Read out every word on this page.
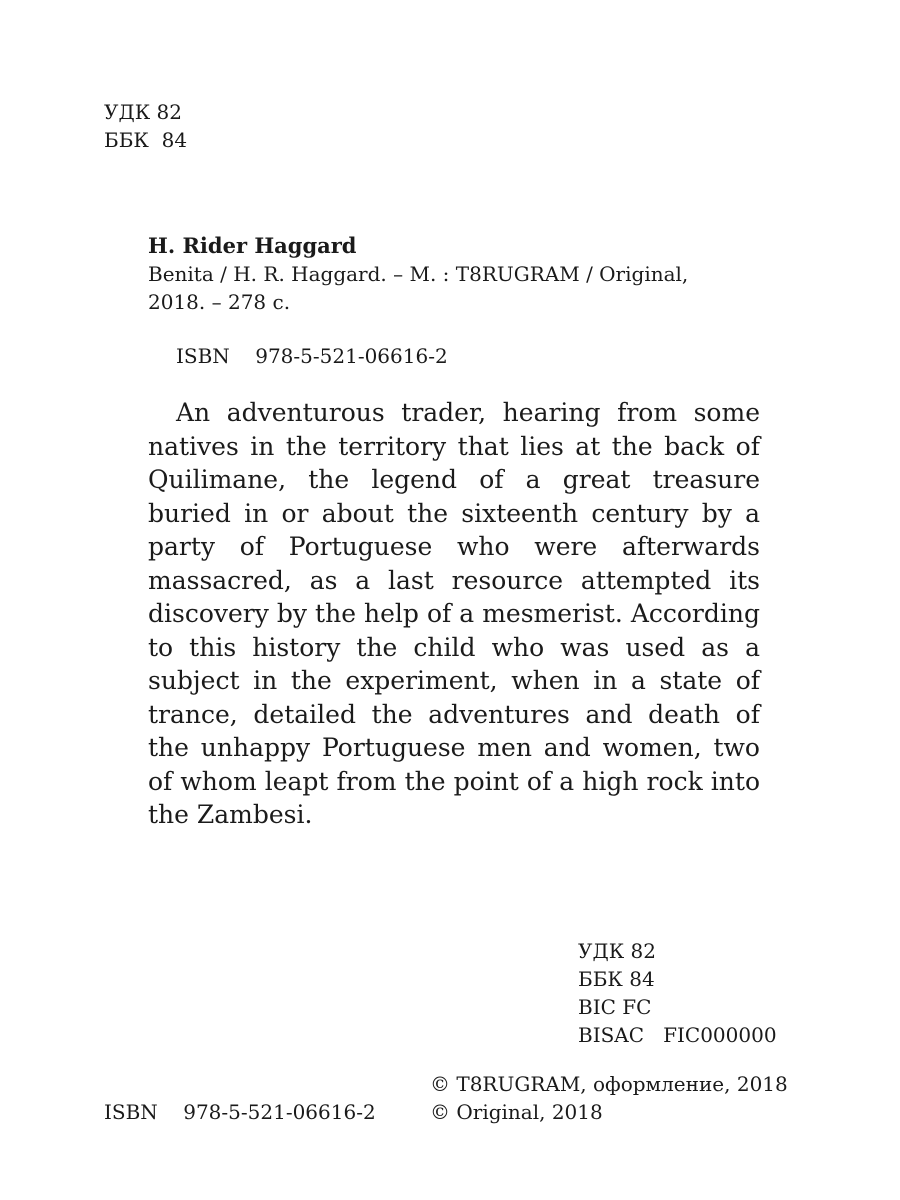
УДК 82
ББК  84
H. Rider Haggard
Benita / H. R. Haggard. – M. : T8RUGRAM / Original,
2018. – 278 с.
ISBN    978-5-521-06616-2

An adventurous trader, hearing from some natives in the territory that lies at the back of Quilimane, the legend of a great treasure buried in or about the sixteenth century by a party of Portuguese who were afterwards massacred, as a last resource attempted its discovery by the help of a mesmerist. According to this history the child who was used as a subject in the experiment, when in a state of trance, detailed the adventures and death of the unhappy Portuguese men and women, two of whom leapt from the point of a high rock into the Zambesi.

УДК 82
ББК 84
BIC FC
BISAC   FIC000000
ISBN    978-5-521-06616-2
© T8RUGRAM, оформление, 2018
© Original, 2018
